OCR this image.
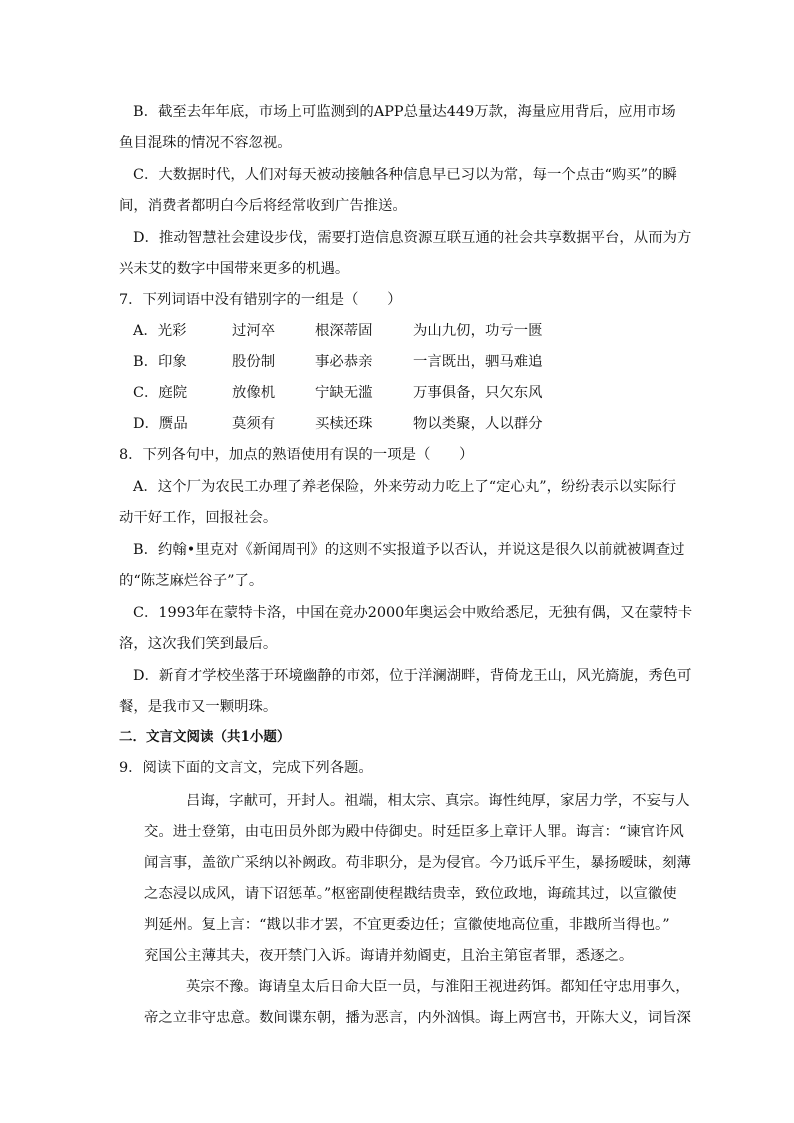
B．截至去年年底，市场上可监测到的APP总量达449万款，海量应用背后，应用市场
鱼目混珠的情况不容忽视。
C．大数据时代，人们对每天被动接触各种信息早已习以为常，每一个点击“购买”的瞬
间，消费者都明白今后将经常收到广告推送。
D．推动智慧社会建设步伐，需要打造信息资源互联互通的社会共享数据平台，从而为方
兴未艾的数字中国带来更多的机遇。
7．下列词语中没有错别字的一组是（　　）
A．光彩	过河卒	根深蒂固	为山九仞，功亏一匮
B．印象	股份制	事必恭亲	一言既出，驷马难追
C．庭院	放像机	宁缺无滥	万事俱备，只欠东风
D．赝品	莫须有	买椟还珠	物以类聚，人以群分
8．下列各句中，加点的熟语使用有误的一项是（　　）
A．这个厂为农民工办理了养老保险，外来劳动力吃上了“定心丸”，纷纷表示以实际行
动干好工作，回报社会。
B．约翰•里克对《新闻周刊》的这则不实报道予以否认，并说这是很久以前就被调查过
的“陈芝麻烂谷子”了。
C．1993年在蒙特卡洛，中国在竞办2000年奥运会中败给悉尼，无独有偶，又在蒙特卡
洛，这次我们笑到最后。
D．新育才学校坐落于环境幽静的市郊，位于洋澜湖畔，背倚龙王山，风光旖旎，秀色可
餐，是我市又一颗明珠。
二．文言文阅读（共1小题）
9．阅读下面的文言文，完成下列各题。
吕诲，字献可，开封人。祖端，相太宗、真宗。诲性纯厚，家居力学，不妄与人
交。进士登第，由屯田员外郎为殿中侍御史。时廷臣多上章讦人罪。诲言：“谏官许风
闻言事，盖欲广采纳以补阙政。苟非职分，是为侵官。今乃诋斥平生，暴扬暧昧，刻薄
之态浸以成风，请下诏惩革。”枢密副使程戡结贵幸，致位政地，诲疏其过，以宣徽使
判延州。复上言：“戡以非才罢，不宜更委边任；宣徽使地高位重，非戡所当得也。”
兖国公主薄其夫，夜开禁门入诉。诲请并劾阍吏，且治主第宦者罪，悉逐之。
英宗不豫。诲请皇太后日命大臣一员，与淮阳王视进药饵。都知任守忠用事久，
帝之立非守忠意。数间谍东朝，播为恶言，内外汹惧。诲上两宫书，开陈大义，词旨深
